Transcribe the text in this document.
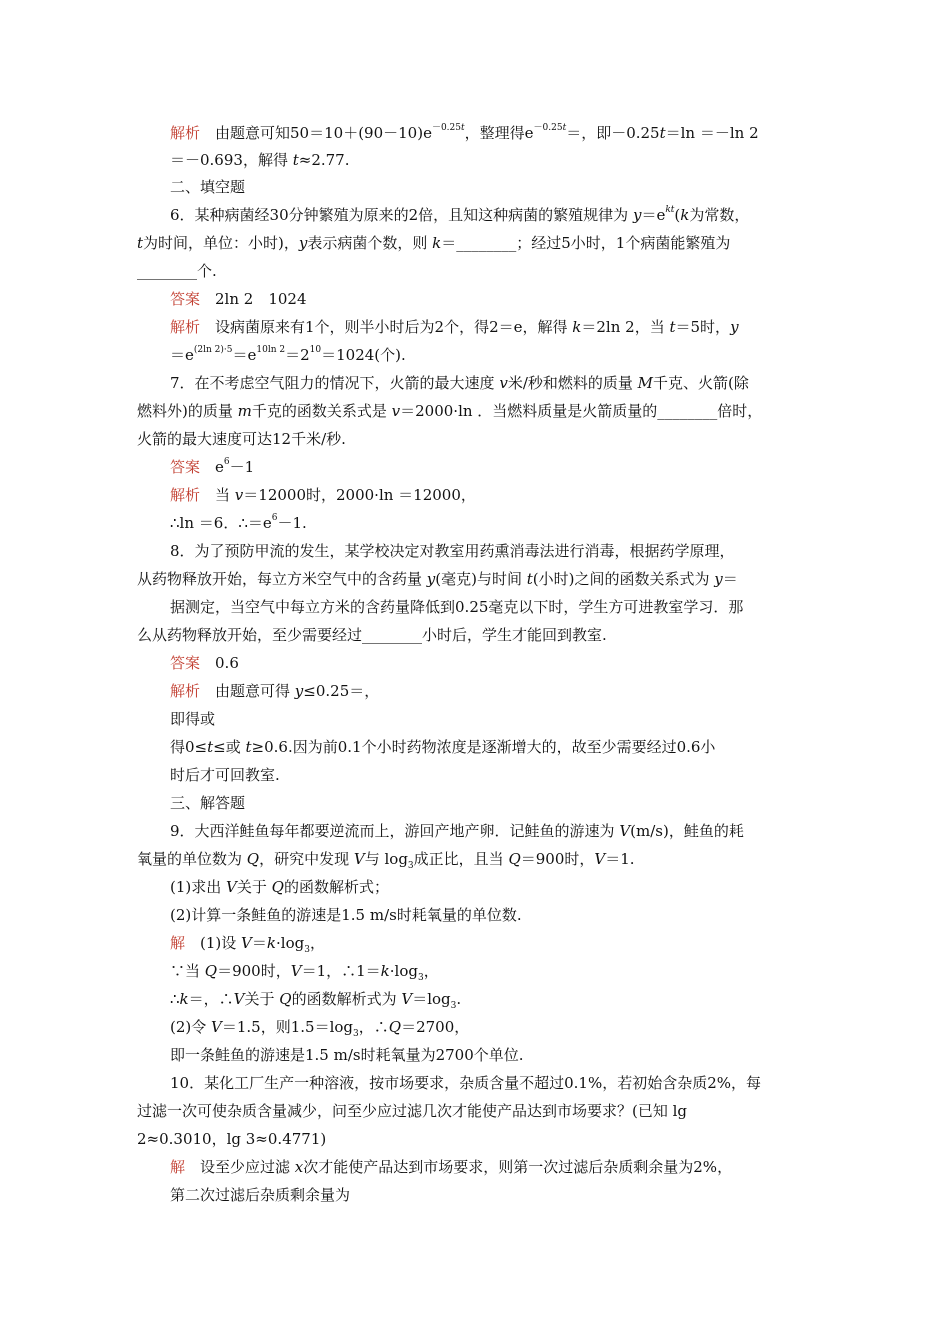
解析　由题意可知$50=10+(90-10)e^{-0.25t}$，整理得$e^{-0.25t}=$，即－0.25t＝ln ＝－ln 2
＝－0.693，解得 t≈2.77.
二、填空题
6．某种病菌经30分钟繁殖为原来的2倍，且知这种病菌的繁殖规律为 $y=e^{kt}(k$为常数，
t为时间，单位：小时)，y表示病菌个数，则 k＝________；经过5小时，1个病菌能繁殖为
________个.
答案　2ln 2　1024
解析　设病菌原来有1个，则半小时后为2个，得2＝e，解得 k＝2ln 2，当 t＝5时，y
$=e^{(2ln 2)\cdot 5}=e^{10ln 2}=2^{10}=1024$(个).
7．在不考虑空气阻力的情况下，火箭的最大速度 v米/秒和燃料的质量 M千克、火箭(除
燃料外)的质量 m千克的函数关系式是 v＝2000·ln ．当燃料质量是火箭质量的________倍时，
火箭的最大速度可达12千米/秒.
答案　$e^6-1$
解析　当 v＝12000时，2000·ln ＝12000，
∴ln ＝6．$\therefore=e^6-1$.
8．为了预防甲流的发生，某学校决定对教室用药熏消毒法进行消毒，根据药学原理，
从药物释放开始，每立方米空气中的含药量 y(毫克)与时间 t(小时)之间的函数关系式为 y＝
据测定，当空气中每立方米的含药量降低到0.25毫克以下时，学生方可进教室学习．那
么从药物释放开始，至少需要经过________小时后，学生才能回到教室.
答案　0.6
解析　由题意可得 y≤0.25＝，
即得或
得0≤t≤或 t≥0.6.因为前0.1个小时药物浓度是逐渐增大的，故至少需要经过0.6小
时后才可回教室.
三、解答题
9．大西洋鲑鱼每年都要逆流而上，游回产地产卵．记鲑鱼的游速为 V(m/s)，鲑鱼的耗
氧量的单位数为 Q，研究中发现 V与 $\log_3$成正比，且当 Q＝900时，V＝1.
(1)求出 V关于 Q的函数解析式；
(2)计算一条鲑鱼的游速是1.5 m/s时耗氧量的单位数.
解　(1)设 $V=k\cdot\log_3$，
∵当 Q＝900时，V＝1，$\therefore 1=k\cdot\log_3$，
∴k＝，∴V关于 Q的函数解析式为 $V=\log_3$.
(2)令 V＝1.5，则$1.5=\log_3$，∴Q＝2700，
即一条鲑鱼的游速是1.5 m/s时耗氧量为2700个单位.
10．某化工厂生产一种溶液，按市场要求，杂质含量不超过0.1%，若初始含杂质2%，每
过滤一次可使杂质含量减少，问至少应过滤几次才能使产品达到市场要求？(已知 lg
2≈0.3010，lg 3≈0.4771)
解　设至少应过滤 x次才能使产品达到市场要求，则第一次过滤后杂质剩余量为2%，
第二次过滤后杂质剩余量为
